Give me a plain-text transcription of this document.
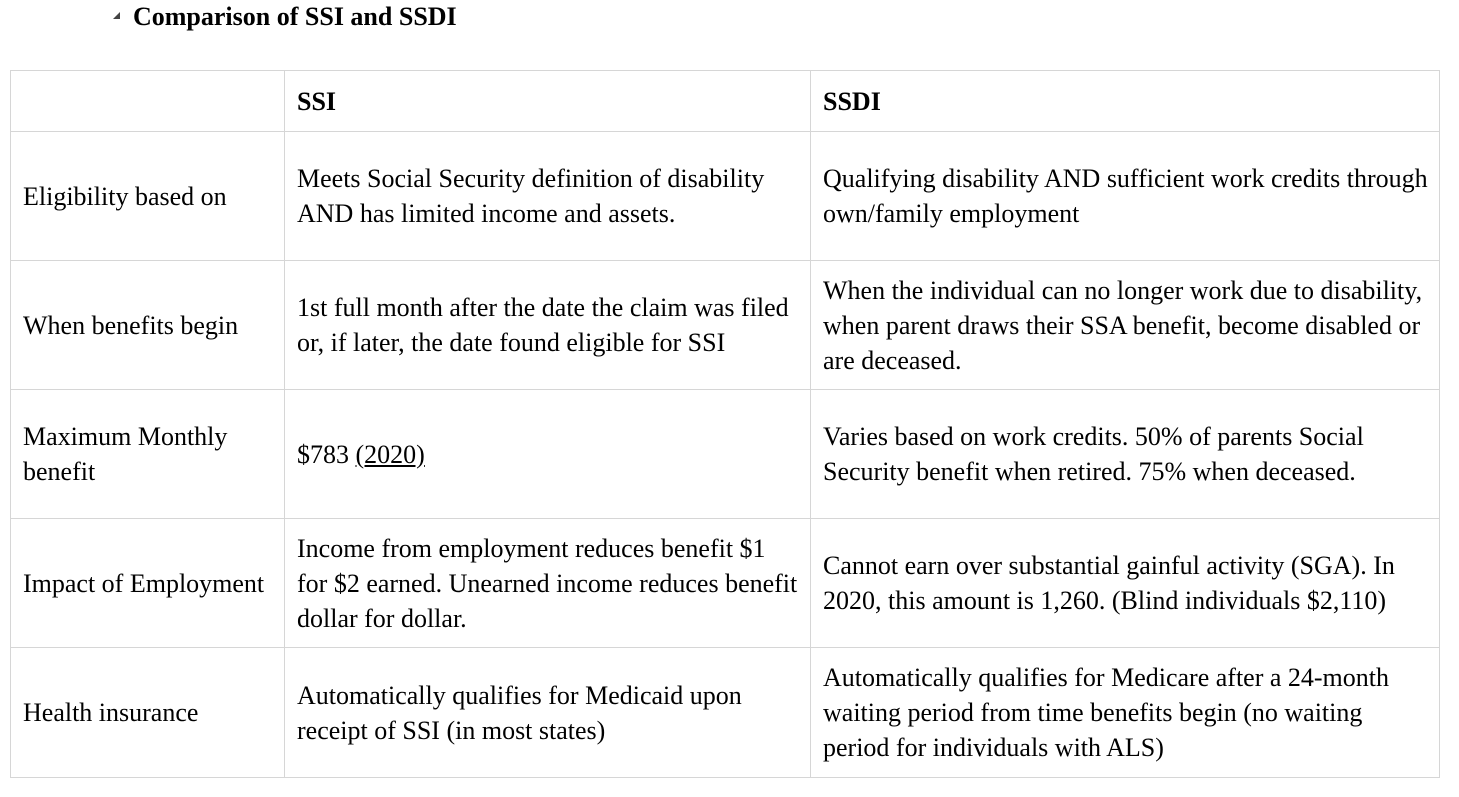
Comparison of SSI and SSDI
	SSI	SSDI
Eligibility based on	Meets Social Security definition of disability AND has limited income and assets.	Qualifying disability AND sufficient work credits through own/family employment
When benefits begin	1st full month after the date the claim was filed or, if later, the date found eligible for SSI	When the individual can no longer work due to disability, when parent draws their SSA benefit, become disabled or are deceased.
Maximum Monthly benefit	$783 (2020)	Varies based on work credits. 50% of parents Social Security benefit when retired. 75% when deceased.
Impact of Employment	Income from employment reduces benefit $1 for $2 earned. Unearned income reduces benefit dollar for dollar.	Cannot earn over substantial gainful activity (SGA). In 2020, this amount is 1,260. (Blind individuals $2,110)
Health insurance	Automatically qualifies for Medicaid upon receipt of SSI (in most states)	Automatically qualifies for Medicare after a 24-month waiting period from time benefits begin (no waiting period for individuals with ALS)
